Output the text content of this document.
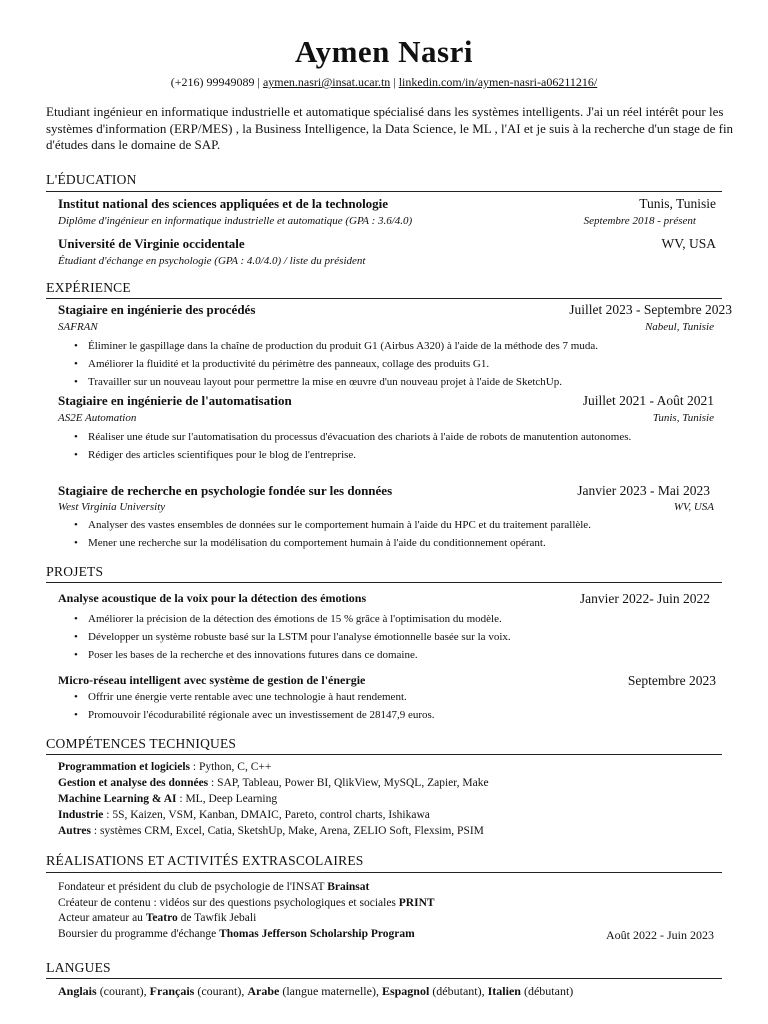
Aymen Nasri
(+216) 99949089 | aymen.nasri@insat.ucar.tn | linkedin.com/in/aymen-nasri-a06211216/
Etudiant ingénieur en informatique industrielle et automatique spécialisé dans les systèmes intelligents. J'ai un réel intérêt pour les systèmes d'information (ERP/MES) , la Business Intelligence, la Data Science, le ML , l'AI et je suis à la recherche d'un stage de fin d'études dans le domaine de SAP.
L'ÉDUCATION
Institut national des sciences appliquées et de la technologie	Tunis, Tunisie
Diplôme d'ingénieur en informatique industrielle et automatique (GPA : 3.6/4.0)	Septembre 2018 - présent
Université de Virginie occidentale	WV, USA
Étudiant d'échange en psychologie (GPA : 4.0/4.0) / liste du président
EXPÉRIENCE
Stagiaire en ingénierie des procédés	Juillet 2023 - Septembre 2023
SAFRAN	Nabeul, Tunisie
• Éliminer le gaspillage dans la chaîne de production du produit G1 (Airbus A320) à l'aide de la méthode des 7 muda.
• Améliorer la fluidité et la productivité du périmètre des panneaux, collage des produits G1.
• Travailler sur un nouveau layout pour permettre la mise en œuvre d'un nouveau projet à l'aide de SketchUp.
Stagiaire en ingénierie de l'automatisation	Juillet 2021 - Août 2021
AS2E Automation	Tunis, Tunisie
• Réaliser une étude sur l'automatisation du processus d'évacuation des chariots à l'aide de robots de manutention autonomes.
• Rédiger des articles scientifiques pour le blog de l'entreprise.
Stagiaire de recherche en psychologie fondée sur les données	Janvier 2023 - Mai 2023
West Virginia University	WV, USA
• Analyser des vastes ensembles de données sur le comportement humain à l'aide du HPC et du traitement parallèle.
• Mener une recherche sur la modélisation du comportement humain à l'aide du conditionnement opérant.
PROJETS
Analyse acoustique de la voix pour la détection des émotions	Janvier 2022- Juin 2022
• Améliorer la précision de la détection des émotions de 15 % grâce à l'optimisation du modèle.
• Développer un système robuste basé sur la LSTM pour l'analyse émotionnelle basée sur la voix.
• Poser les bases de la recherche et des innovations futures dans ce domaine.
Micro-réseau intelligent avec système de gestion de l'énergie	Septembre 2023
• Offrir une énergie verte rentable avec une technologie à haut rendement.
• Promouvoir l'écodurabilité régionale avec un investissement de 28147,9 euros.
COMPÉTENCES TECHNIQUES
Programmation et logiciels : Python, C, C++
Gestion et analyse des données : SAP, Tableau, Power BI, QlikView, MySQL, Zapier, Make
Machine Learning & AI : ML, Deep Learning
Industrie : 5S, Kaizen, VSM, Kanban, DMAIC, Pareto, control charts, Ishikawa
Autres : systèmes CRM, Excel, Catia, SketshUp, Make, Arena, ZELIO Soft, Flexsim, PSIM
RÉALISATIONS ET ACTIVITÉS EXTRASCOLAIRES
Fondateur et président du club de psychologie de l'INSAT Brainsat
Créateur de contenu : vidéos sur des questions psychologiques et sociales PRINT
Acteur amateur au Teatro de Tawfik Jebali
Boursier du programme d'échange Thomas Jefferson Scholarship Program	Août 2022 - Juin 2023
LANGUES
Anglais (courant), Français (courant), Arabe (langue maternelle), Espagnol (débutant), Italien (débutant)
